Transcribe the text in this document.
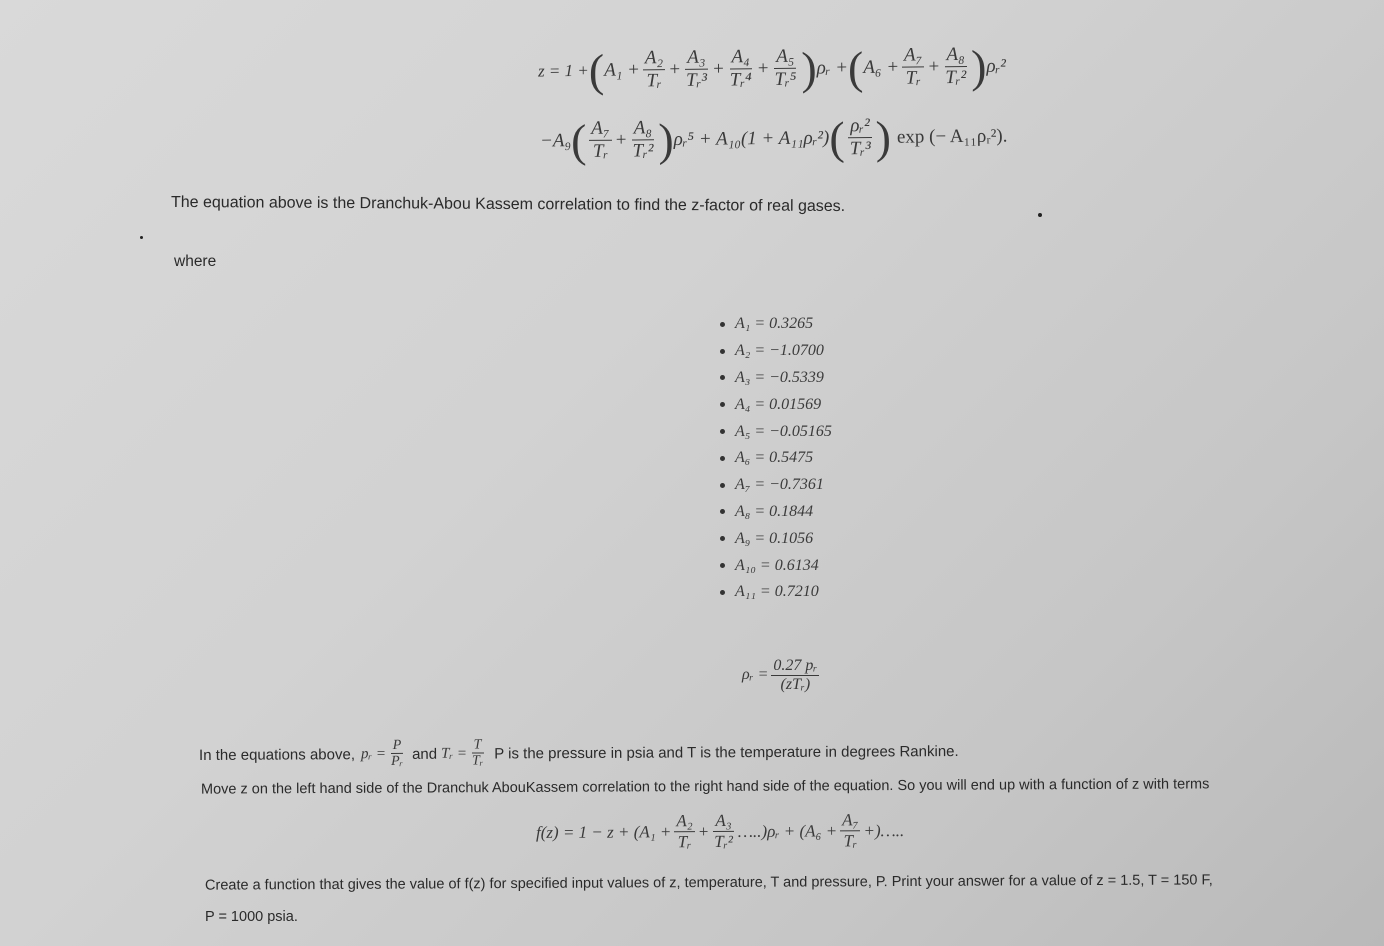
z = 1 + ( $A_1 + \frac{\text{A₂}}{\text{Tᵣ}} + \frac{\text{A₃}}{\text{Tᵣ³}} + \frac{\text{A₄}}{\text{Tᵣ⁴}} + \frac{\text{A₅}}{\text{Tᵣ⁵}}$ ) ρᵣ + ( $A_6 + \frac{\text{A₇}}{\text{Tᵣ}} + \frac{\text{A₈}}{\text{Tᵣ²}}$ ) ρᵣ²
−A₉ ( $\frac{\text{A₇}}{\text{Tᵣ}} + \frac{\text{A₈}}{\text{Tᵣ²}}$ ) ρᵣ⁵ + A₁₀(1 + A₁₁ρᵣ²) ( $\frac{\text{ρᵣ²}}{\text{Tᵣ³}}$ ) exp (− A₁₁ρᵣ²).
The equation above is the Dranchuk-Abou Kassem correlation to find the z-factor of real gases.
where
A₁ = 0.3265
A₂ = −1.0700
A₃ = −0.5339
A₄ = 0.01569
A₅ = −0.05165
A₆ = 0.5475
A₇ = −0.7361
A₈ = 0.1844
A₉ = 0.1056
A₁₀ = 0.6134
A₁₁ = 0.7210
ρᵣ = $\frac{\text{0.27 pᵣ}}{\text{(zTᵣ)}}$
In the equations above, pᵣ = $\frac{P}{\text{Pᵣ}}$ and Tᵣ = $\frac{T}{\text{Tᵣ}}$ P is the pressure in psia and T is the temperature in degrees Rankine.
Move z on the left hand side of the Dranchuk AbouKassem correlation to the right hand side of the equation. So you will end up with a function of z with terms
$f(z) = 1 - z + (A_1 + \frac{\text{A₂}}{\text{Tᵣ}} + \frac{\text{A₃}}{\text{Tᵣ²}}$ …..)ρᵣ + ($A_6 + \frac{\text{A₇}}{\text{Tᵣ}}$ +)…..
Create a function that gives the value of f(z) for specified input values of z, temperature, T and pressure, P. Print your answer for a value of z = 1.5, T = 150 F,
P = 1000 psia.
